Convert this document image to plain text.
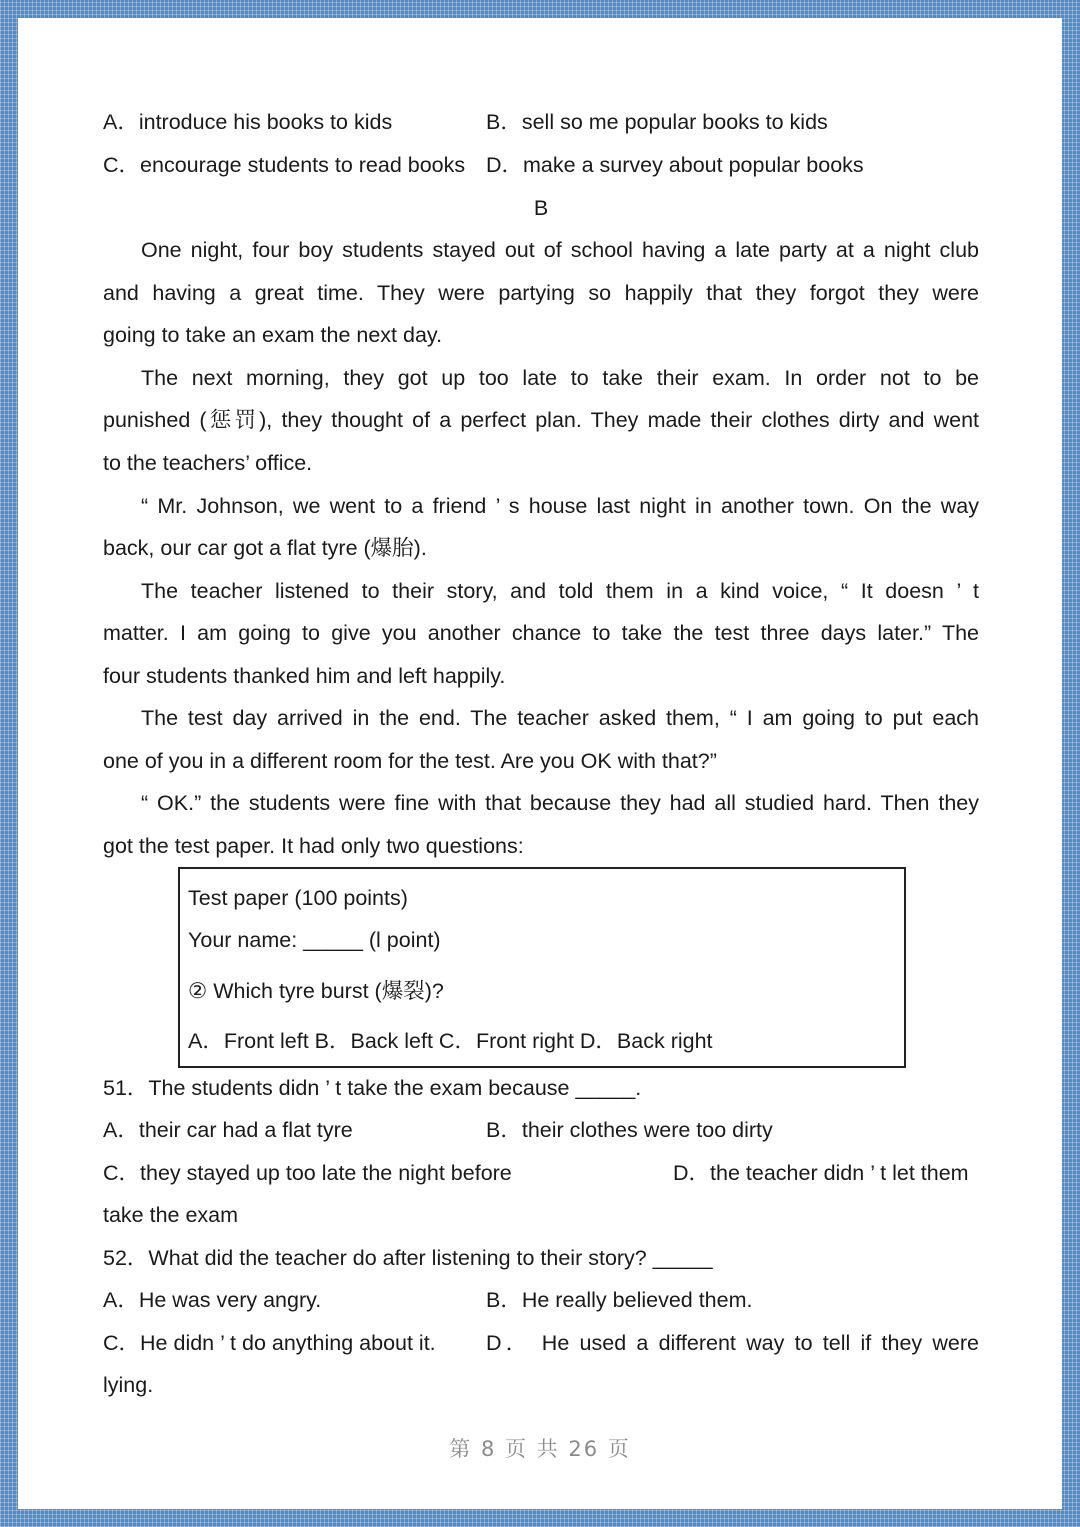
A．introduce his books to kids	B．sell so me popular books to kids
C．encourage students to read books D．make a survey about popular books
B
One night, four boy students stayed out of school having a late party at a night club
and having a great time. They were partying so happily that they forgot they were
going to take an exam the next day.
The next morning, they got up too late to take their exam. In order not to be
punished (惩罚), they thought of a perfect plan. They made their clothes dirty and went
to the teachers’ office.
“ Mr. Johnson, we went to a friend ’ s house last night in another town. On the way
back, our car got a flat tyre (爆胎).
The teacher listened to their story, and told them in a kind voice, “ It doesn ’ t
matter. I am going to give you another chance to take the test three days later.” The
four students thanked him and left happily.
The test day arrived in the end. The teacher asked them, “ I am going to put each
one of you in a different room for the test. Are you OK with that?”
“ OK.” the students were fine with that because they had all studied hard. Then they
got the test paper. It had only two questions:
Test paper (100 points)
Your name: _____ (l point)
② Which tyre burst (爆裂)?
A．Front left B．Back left C．Front right D．Back right
51．The students didn ’ t take the exam because _____.
A．their car had a flat tyre	B．their clothes were too dirty
C．they stayed up too late the night before	D．the teacher didn ’ t let them
take the exam
52．What did the teacher do after listening to their story? _____
A．He was very angry.	B．He really believed them.
C．He didn ’ t do anything about it. D． He used a different way to tell if they were
lying.
第 8 页 共 26 页
